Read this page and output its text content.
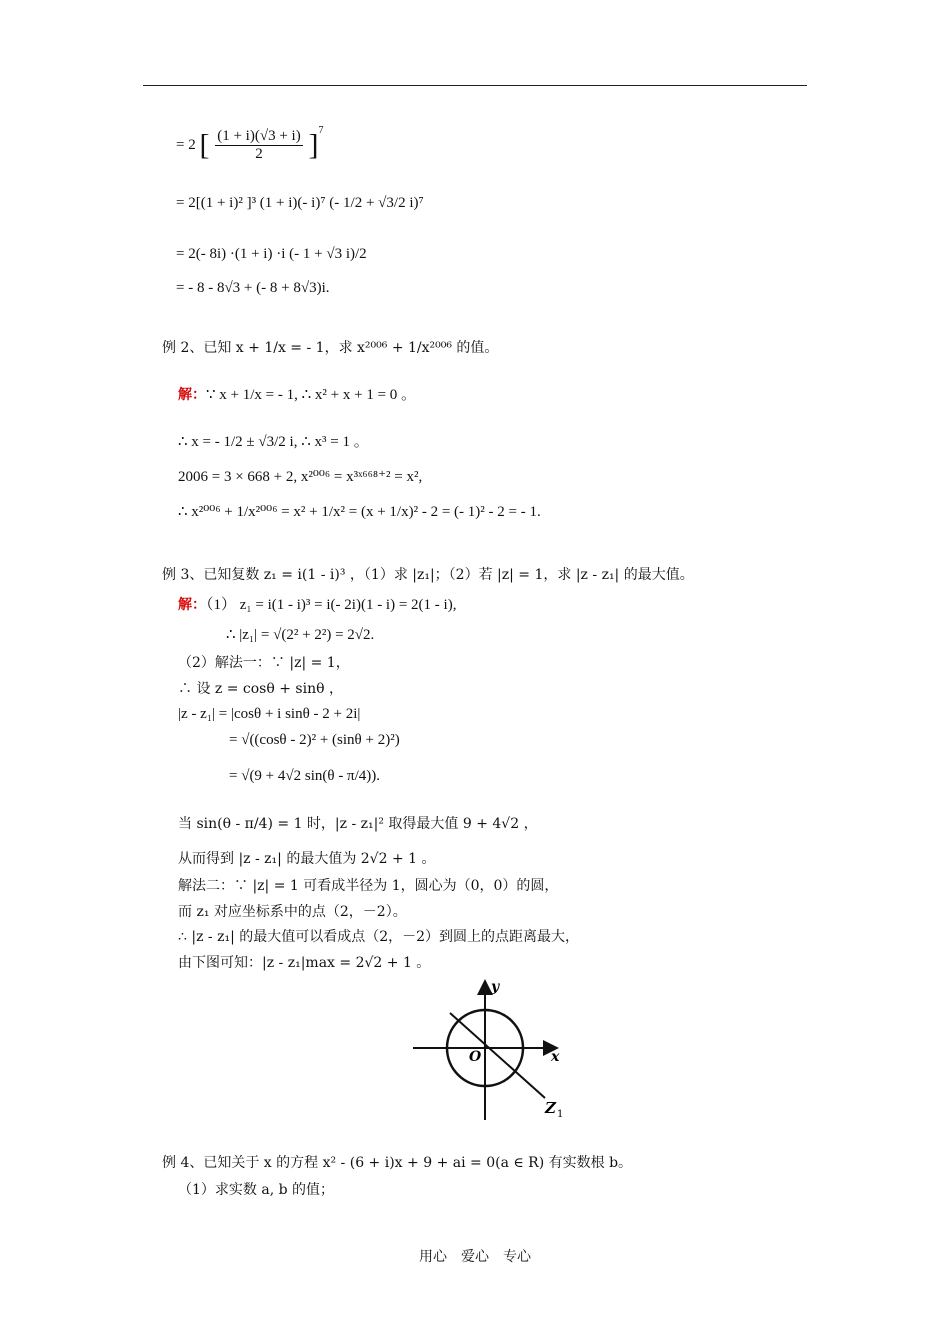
= 2 [ $\frac{(1 + i)(√3 + i)}{2} ]^7$
= 2[(1 + i)² ]³ (1 + i)(- i)⁷ (- 1/2 + √3/2 i)⁷
= 2(- 8i) ·(1 + i) ·i (- 1 + √3 i)/2
= - 8 - 8√3 + (- 8 + 8√3)i.
例 2、已知 x + 1/x = - 1，求 x²⁰⁰⁶ + 1/x²⁰⁰⁶ 的值。
解：∵ x + 1/x = - 1, ∴ x² + x + 1 = 0 。
∴ x = - 1/2 ± √3/2 i, ∴ x³ = 1 。
2006 = 3 × 668 + 2, x²⁰⁰⁶ = x³ˣ⁶⁶⁸⁺² = x²,
∴ x²⁰⁰⁶ + 1/x²⁰⁰⁶ = x² + 1/x² = (x + 1/x)² - 2 = (- 1)² - 2 = - 1.
例 3、已知复数 z₁ = i(1 - i)³ ，（1）求 |z₁|；（2）若 |z| = 1，求 |z - z₁| 的最大值。
解：（1） z₁ = i(1 - i)³ = i(- 2i)(1 - i) = 2(1 - i),
∴ |z₁| = √(2² + 2²) = 2√2.
（2）解法一：∵ |z| = 1，
∴ 设 z = cosθ + sinθ ，
|z - z₁| = |cosθ + i sinθ - 2 + 2i|
= √((cosθ - 2)² + (sinθ + 2)²)
= √(9 + 4√2 sin(θ - π/4)).
当 sin(θ - π/4) = 1 时，|z - z₁|² 取得最大值 9 + 4√2 ，
从而得到 |z - z₁| 的最大值为 2√2 + 1 。
解法二：∵ |z| = 1 可看成半径为 1，圆心为（0，0）的圆，
而 z₁ 对应坐标系中的点（2，－2）。
∴ |z - z₁| 的最大值可以看成点（2，－2）到圆上的点距离最大，
由下图可知：|z - z₁|max = 2√2 + 1 。
y
x
O
Z 1
例 4、已知关于 x 的方程 x² - (6 + i)x + 9 + ai = 0(a ∈ R) 有实数根 b。
（1）求实数 a, b 的值；
用心　爱心　专心
